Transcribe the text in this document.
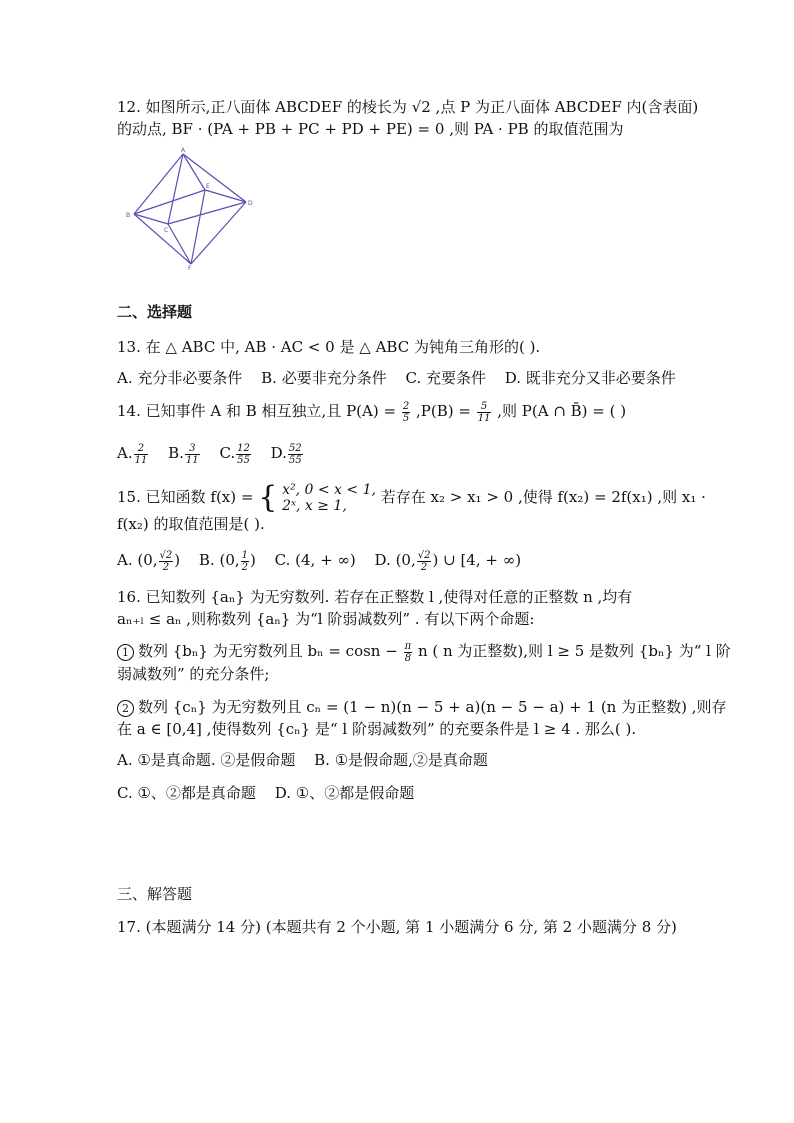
12. 如图所示,正八面体 ABCDEF 的棱长为 √2 ,点 P 为正八面体 ABCDEF 内(含表面)
的动点, BF · (PA + PB + PC + PD + PE) = 0 ,则 PA · PB 的取值范围为
A
B
C
D
E
F
二、选择题
13. 在 △ ABC 中, AB · AC < 0 是 △ ABC 为钝角三角形的( ).
A. 充分非必要条件 B. 必要非充分条件 C. 充要条件 D. 既非充分又非必要条件
14. 已知事件 A 和 B 相互独立,且 $P(A) = \frac{2}{5} ,P(B) = \frac{5}{11}$ ,则 P(A ∩ B̄) = ( )
A. $\frac{2}{11} B$. $\frac{3}{11} C$. $\frac{12}{55} D$. $\frac{52}{55}$
15. 已知函数 f(x) = { x², 0 < x < 1,
2ˣ, x ≥ 1,	若存在 x₂ > x₁ > 0 ,使得 f(x₂) = 2f(x₁) ,则 x₁ ·
f(x₂) 的取值范围是( ).
A. (0, $\frac{√2}{2}$ ) B. (0, $\frac{1}{2}$ ) C. (4, + ∞) D. (0, $\frac{√2}{2}$ ) ∪ [4, + ∞)
16. 已知数列 {aₙ} 为无穷数列. 若存在正整数 l ,使得对任意的正整数 n ,均有
aₙ₊ₗ ≤ aₙ ,则称数列 {aₙ} 为“l 阶弱减数列” . 有以下两个命题:
1 数列 {bₙ} 为无穷数列且 $b_n = \cos n - \frac{\pi}{8}$ n ( n 为正整数),则 l ≥ 5 是数列 {bₙ} 为“ l 阶
弱减数列” 的充分条件;
2 数列 {cₙ} 为无穷数列且 cₙ = (1 − n)(n − 5 + a)(n − 5 − a) + 1 (n 为正整数) ,则存
在 a ∈ [0,4] ,使得数列 {cₙ} 是“ l 阶弱减数列” 的充要条件是 l ≥ 4 . 那么( ).
A. ①是真命题. ②是假命题 B. ①是假命题,②是真命题
C. ①、②都是真命题 D. ①、②都是假命题
三、解答题
17. (本题满分 14 分) (本题共有 2 个小题, 第 1 小题满分 6 分, 第 2 小题满分 8 分)
